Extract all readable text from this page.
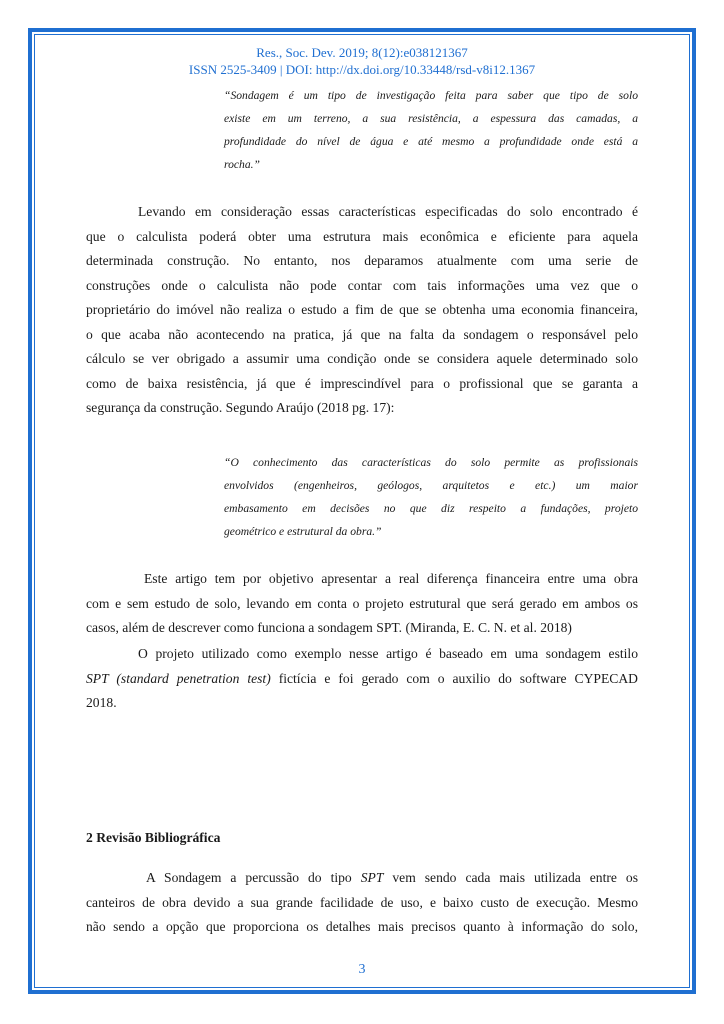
Res., Soc. Dev. 2019; 8(12):e038121367
ISSN 2525-3409 | DOI: http://dx.doi.org/10.33448/rsd-v8i12.1367
“Sondagem é um tipo de investigação feita para saber que tipo de solo
existe em um terreno, a sua resistência, a espessura das camadas, a
profundidade do nível de água e até mesmo a profundidade onde está a
rocha.”
Levando em consideração essas características especificadas do solo encontrado é
que o calculista poderá obter uma estrutura mais econômica e eficiente para aquela
determinada construção. No entanto, nos deparamos atualmente com uma serie de
construções onde o calculista não pode contar com tais informações uma vez que o
proprietário do imóvel não realiza o estudo a fim de que se obtenha uma economia financeira,
o que acaba não acontecendo na pratica, já que na falta da sondagem o responsável pelo
cálculo se ver obrigado a assumir uma condição onde se considera aquele determinado solo
como de baixa resistência, já que é imprescindível para o profissional que se garanta a
segurança da construção. Segundo Araújo (2018 pg. 17):
“O conhecimento das características do solo permite as profissionais
envolvidos (engenheiros, geólogos, arquitetos e etc.) um maior
embasamento em decisões no que diz respeito a fundações, projeto
geométrico e estrutural da obra.”
Este artigo tem por objetivo apresentar a real diferença financeira entre uma obra
com e sem estudo de solo, levando em conta o projeto estrutural que será gerado em ambos os
casos, além de descrever como funciona a sondagem SPT. (Miranda, E. C. N. et al. 2018)
O projeto utilizado como exemplo nesse artigo é baseado em uma sondagem estilo
SPT (standard penetration test) fictícia e foi gerado com o auxilio do software CYPECAD
2018.
2 Revisão Bibliográfica
A Sondagem a percussão do tipo SPT vem sendo cada mais utilizada entre os
canteiros de obra devido a sua grande facilidade de uso, e baixo custo de execução. Mesmo
não sendo a opção que proporciona os detalhes mais precisos quanto à informação do solo,
3
